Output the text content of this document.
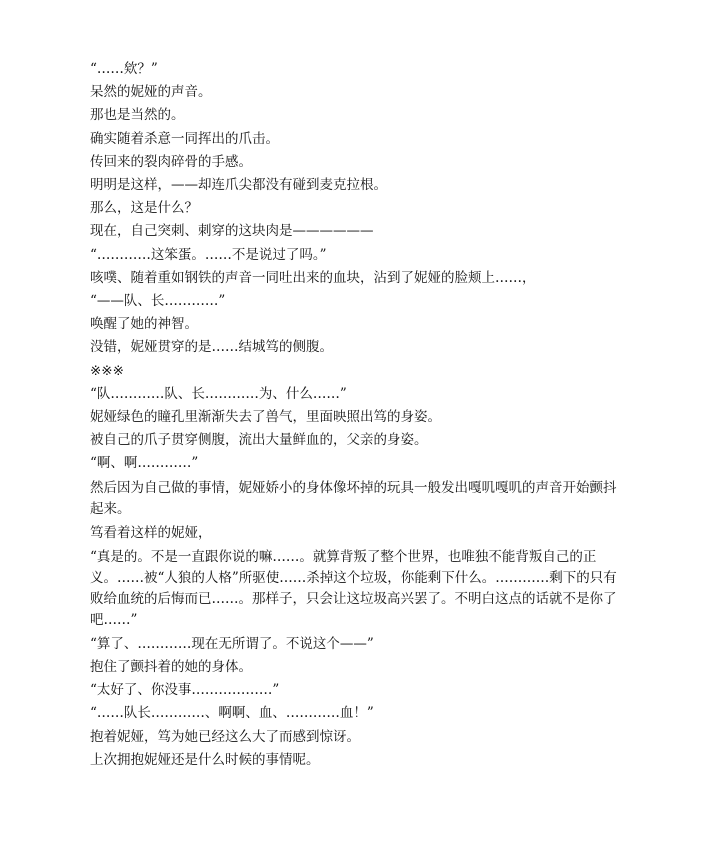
“……欸？”

呆然的妮娅的声音。

那也是当然的。

确实随着杀意一同挥出的爪击。

传回来的裂肉碎骨的手感。

明明是这样，——却连爪尖都没有碰到麦克拉根。

那么，这是什么？

现在，自己突刺、刺穿的这块肉是——————

“…………这笨蛋。……不是说过了吗。”

咳噗、随着重如钢铁的声音一同吐出来的血块，沾到了妮娅的脸颊上……，

“——队、长…………”

唤醒了她的神智。

没错，妮娅贯穿的是……结城笃的侧腹。

※※※

“队…………队、长…………为、什么……”

妮娅绿色的瞳孔里渐渐失去了兽气，里面映照出笃的身姿。

被自己的爪子贯穿侧腹，流出大量鲜血的，父亲的身姿。

“啊、啊…………”

然后因为自己做的事情，妮娅娇小的身体像坏掉的玩具一般发出嘎叽嘎叽的声音开始颤抖起来。

笃看着这样的妮娅，

“真是的。不是一直跟你说的嘛……。就算背叛了整个世界，也唯独不能背叛自己的正义。……被“人狼的人格”所驱使……杀掉这个垃圾，你能剩下什么。…………剩下的只有败给血统的后悔而已……。那样子，只会让这垃圾高兴罢了。不明白这点的话就不是你了吧……”

“算了、…………现在无所谓了。不说这个——”

抱住了颤抖着的她的身体。

“太好了、你没事………………”

“……队长…………、啊啊、血、…………血！”

抱着妮娅，笃为她已经这么大了而感到惊讶。

上次拥抱妮娅还是什么时候的事情呢。
